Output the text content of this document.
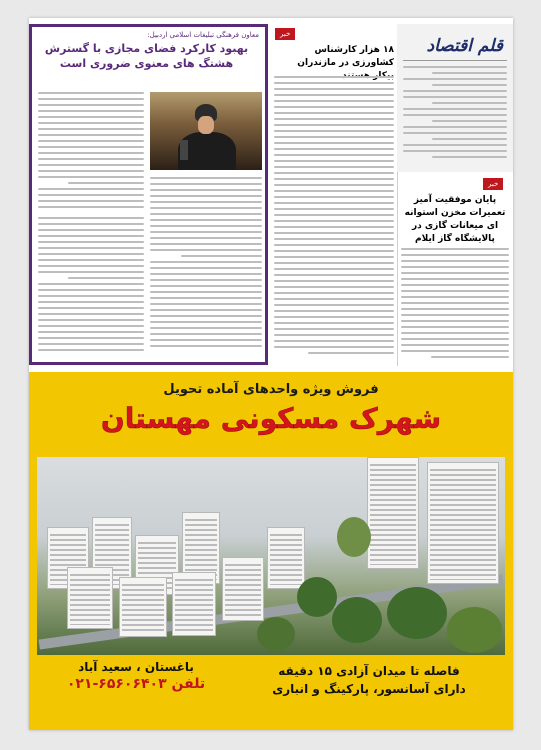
معاون فرهنگی تبلیغات اسلامی اردبیل:
بهبود کارکرد فضای مجازی با گسترش هشتگ های معنوی ضروری است
خبر
۱۸ هزار کارشناس کشاورزی در مازندران
قلم اقتصاد
خبر
پایان موفقیت آمیز تعمیرات مخزن استوانه ای میعانات گازی در پالایشگاه گاز ایلام
فروش ویژه واحدهای آماده تحویل
شهرک مسکونی مهستان
باغستان ، سعید آباد
تلفن ۶۵۶۰۶۴۰۳-۰۲۱
فاصله تا میدان آزادی ۱۵ دقیقه
دارای آسانسور، پارکینگ و انباری
